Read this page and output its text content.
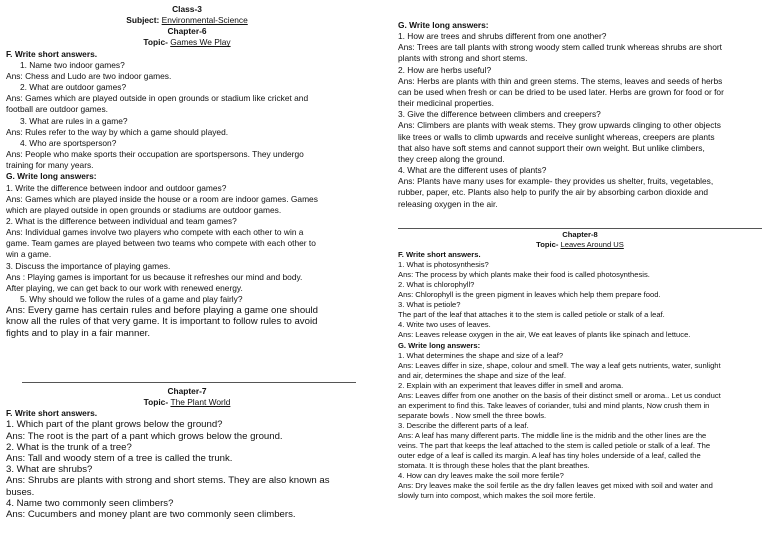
Class-3

Subject: Environmental-Science

Chapter-6

Topic- Games We Play

F. Write short answers.

1. Name two indoor games?

Ans: Chess and Ludo are two indoor games.

2. What are outdoor games?

Ans: Games which are played outside in open grounds or stadium like cricket and

football are outdoor games.

3. What are rules in a game?

Ans: Rules refer to the way by which a game should played.

4. Who are sportsperson?

Ans: People who make sports their occupation are sportspersons. They undergo

training for many years.

G. Write long answers:

1. Write the difference between indoor and outdoor games?

Ans: Games which are played inside the house or a room are indoor games. Games

which are played outside in open grounds or stadiums are outdoor games.

2. What is the difference between individual and team games?

Ans: Individual games involve two players who compete with each other to win a

game. Team games are played between two teams who compete with each other to

win a game.

3. Discuss the importance of playing games.

Ans : Playing games is important for us because it refreshes our mind and body.

After playing, we can get back to our work with renewed energy.

5. Why should we follow the rules of a game and play fairly?

Ans: Every game has certain rules and before playing a game one should

know all the rules of that very game. It is important to follow rules to avoid

fights and to play in a fair manner.

Chapter-7

Topic- The Plant World

F. Write short answers.

1. Which part of the plant grows below the ground?

Ans: The root is the part of a pant which grows below the ground.

2. What is the trunk of a tree?

Ans: Tall and woody stem of a tree is called the trunk.

3. What are shrubs?

Ans: Shrubs are plants with strong and short stems. They are also known as

buses.

4. Name two commonly seen climbers?

Ans: Cucumbers and money plant are two commonly seen climbers.

G. Write long answers:

1. How are trees and shrubs different from one another?

Ans: Trees are tall plants with strong woody stem called trunk whereas shrubs are short

plants with strong and short stems.

2. How are herbs useful?

Ans: Herbs are plants with thin and green stems. The stems, leaves and seeds of herbs

can be used when fresh or can be dried to be used later. Herbs are grown for food or for

their medicinal properties.

3. Give the difference between climbers and creepers?

Ans: Climbers are plants with weak stems. They grow upwards clinging to other objects

like trees or walls to climb upwards and receive sunlight whereas, creepers are plants

that also have soft stems and cannot support their own weight. But unlike climbers,

they creep along the ground.

4. What are the different uses of plants?

Ans: Plants have many uses for example- they provides us shelter, fruits, vegetables,

rubber, paper, etc. Plants also help to purify the air by absorbing carbon dioxide and

releasing oxygen in the air.

Chapter-8

Topic- Leaves Around US

F. Write short answers.

1. What is photosynthesis?

Ans: The process by which plants make their food is called photosynthesis.

2. What is chlorophyll?

Ans: Chlorophyll is the green pigment in leaves which help them prepare food.

3. What is petiole?

The part of the leaf that attaches it to the stem is called petiole or stalk of a leaf.

4. Write two uses of leaves.

Ans: Leaves release oxygen in the air, We eat leaves of plants like spinach and lettuce.

G. Write long answers:

1. What determines the shape and size of a leaf?

Ans: Leaves differ in size, shape, colour and smell. The way a leaf gets nutrients, water, sunlight

and air, determines the shape and size of the leaf.

2. Explain with an experiment that leaves differ in smell and aroma.

Ans: Leaves differ from one another on the basis of their distinct smell or aroma.. Let us conduct

an experiment to find this. Take leaves of coriander, tulsi and mind plants, Now crush them in

separate bowls . Now smell the three bowls.

3. Describe the different parts of a leaf.

Ans: A leaf has many different parts. The middle line is the midrib and the other lines are the

veins. The part that keeps the leaf attached to the stem is called petiole or stalk of a leaf. The

outer edge of a leaf is called its margin. A leaf has tiny holes underside of a leaf, called the

stomata. It is through these holes that the plant breathes.

4. How can dry leaves make the soil more fertile?

Ans: Dry leaves make the soil fertile as the dry fallen leaves get mixed with soil and water and

slowly turn into compost, which makes the soil more fertile.
